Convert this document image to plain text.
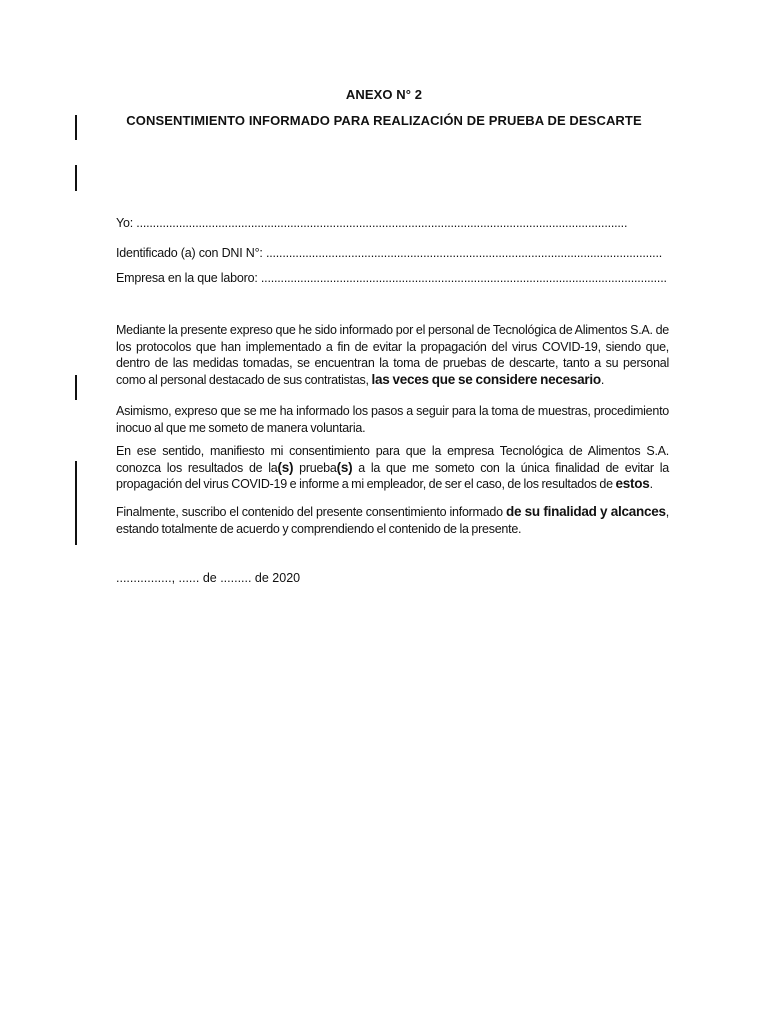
ANEXO N° 2
CONSENTIMIENTO INFORMADO PARA REALIZACIÓN DE PRUEBA DE DESCARTE
Yo: ......................................................................................................................................................
Identificado (a) con DNI N°: .........................................................................................................................
Empresa en la que laboro: ............................................................................................................................
Mediante la presente expreso que he sido informado por el personal de Tecnológica de Alimentos S.A. de los protocolos que han implementado a fin de evitar la propagación del virus COVID-19, siendo que, dentro de las medidas tomadas, se encuentran la toma de pruebas de descarte, tanto a su personal como al personal destacado de sus contratistas, las veces que se considere necesario.
Asimismo, expreso que se me ha informado los pasos a seguir para la toma de muestras, procedimiento inocuo al que me someto de manera voluntaria.
En ese sentido, manifiesto mi consentimiento para que la empresa Tecnológica de Alimentos S.A. conozca los resultados de la(s) prueba(s) a la que me someto con la única finalidad de evitar la propagación del virus COVID-19 e informe a mi empleador, de ser el caso, de los resultados de estos.
Finalmente, suscribo el contenido del presente consentimiento informado de su finalidad y alcances, estando totalmente de acuerdo y comprendiendo el contenido de la presente.
................, ...... de ......... de 2020
